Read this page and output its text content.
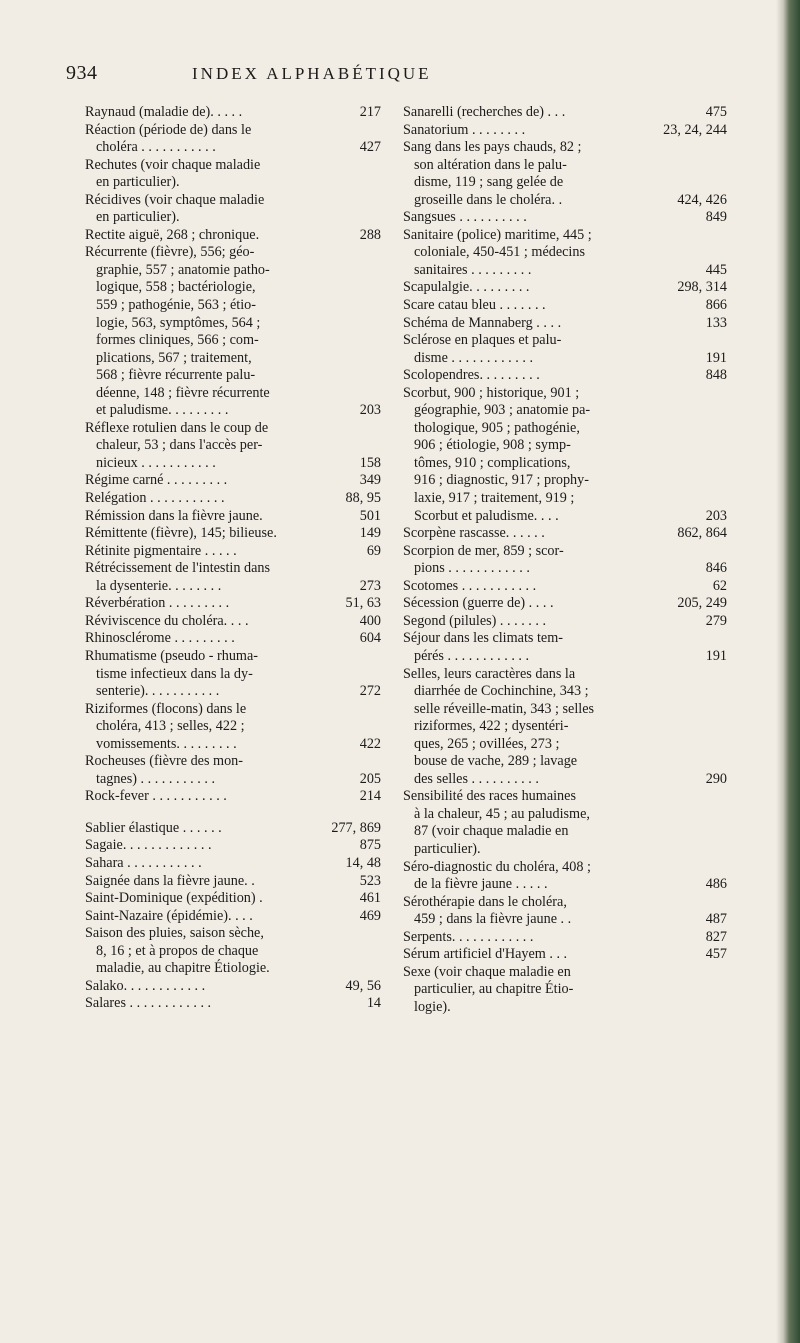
934	INDEX ALPHABÉTIQUE
Raynaud (maladie de). . . . .	217
Réaction (période de) dans le
choléra . . . . . . . . . . .	427
Rechutes (voir chaque maladie
en particulier).
Récidives (voir chaque maladie
en particulier).
Rectite aiguë, 268 ; chronique.	288
Récurrente (fièvre), 556; géo-
graphie, 557 ; anatomie patho-
logique, 558 ; bactériologie,
559 ; pathogénie, 563 ; étio-
logie, 563, symptômes, 564 ;
formes cliniques, 566 ; com-
plications, 567 ; traitement,
568 ; fièvre récurrente palu-
déenne, 148 ; fièvre récurrente
et paludisme. . . . . . . . .	203
Réflexe rotulien dans le coup de
chaleur, 53 ; dans l'accès per-
nicieux . . . . . . . . . . .	158
Régime carné . . . . . . . . .	349
Relégation . . . . . . . . . . .	88, 95
Rémission dans la fièvre jaune.	501
Rémittente (fièvre), 145; bilieuse.	149
Rétinite pigmentaire . . . . .	69
Rétrécissement de l'intestin dans
la dysenterie. . . . . . . .	273
Réverbération . . . . . . . . .	51, 63
Réviviscence du choléra. . . .	400
Rhinosclérome . . . . . . . . .	604
Rhumatisme (pseudo - rhuma-
tisme infectieux dans la dy-
senterie). . . . . . . . . . .	272
Riziformes (flocons) dans le
choléra, 413 ; selles, 422 ;
vomissements. . . . . . . . .	422
Rocheuses (fièvre des mon-
tagnes) . . . . . . . . . . .	205
Rock-fever . . . . . . . . . . .	214
Sablier élastique . . . . . .	277, 869
Sagaie. . . . . . . . . . . . .	875
Sahara . . . . . . . . . . .	14, 48
Saignée dans la fièvre jaune. .	523
Saint-Dominique (expédition) .	461
Saint-Nazaire (épidémie). . . .	469
Saison des pluies, saison sèche,
8, 16 ; et à propos de chaque
maladie, au chapitre Étiologie.
Salako. . . . . . . . . . . .	49, 56
Salares . . . . . . . . . . . .	14
Sanarelli (recherches de) . . .	475
Sanatorium . . . . . . . .	23, 24, 244
Sang dans les pays chauds, 82 ;
son altération dans le palu-
disme, 119 ; sang gelée de
groseille dans le choléra. .	424, 426
Sangsues . . . . . . . . . .	849
Sanitaire (police) maritime, 445 ;
coloniale, 450-451 ; médecins
sanitaires . . . . . . . . .	445
Scapulalgie. . . . . . . . .	298, 314
Scare catau bleu . . . . . . .	866
Schéma de Mannaberg . . . .	133
Sclérose en plaques et palu-
disme . . . . . . . . . . . .	191
Scolopendres. . . . . . . . .	848
Scorbut, 900 ; historique, 901 ;
géographie, 903 ; anatomie pa-
thologique, 905 ; pathogénie,
906 ; étiologie, 908 ; symp-
tômes, 910 ; complications,
916 ; diagnostic, 917 ; prophy-
laxie, 917 ; traitement, 919 ;
Scorbut et paludisme. . . .	203
Scorpène rascasse. . . . . .	862, 864
Scorpion de mer, 859 ; scor-
pions . . . . . . . . . . . .	846
Scotomes . . . . . . . . . . .	62
Sécession (guerre de) . . . .	205, 249
Segond (pilules) . . . . . . .	279
Séjour dans les climats tem-
pérés . . . . . . . . . . . .	191
Selles, leurs caractères dans la
diarrhée de Cochinchine, 343 ;
selle réveille-matin, 343 ; selles
riziformes, 422 ; dysentéri-
ques, 265 ; ovillées, 273 ;
bouse de vache, 289 ; lavage
des selles . . . . . . . . . .	290
Sensibilité des races humaines
à la chaleur, 45 ; au paludisme,
87 (voir chaque maladie en
particulier).
Séro-diagnostic du choléra, 408 ;
de la fièvre jaune . . . . .	486
Sérothérapie dans le choléra,
459 ; dans la fièvre jaune . .	487
Serpents. . . . . . . . . . . .	827
Sérum artificiel d'Hayem . . .	457
Sexe (voir chaque maladie en
particulier, au chapitre Étio-
logie).
